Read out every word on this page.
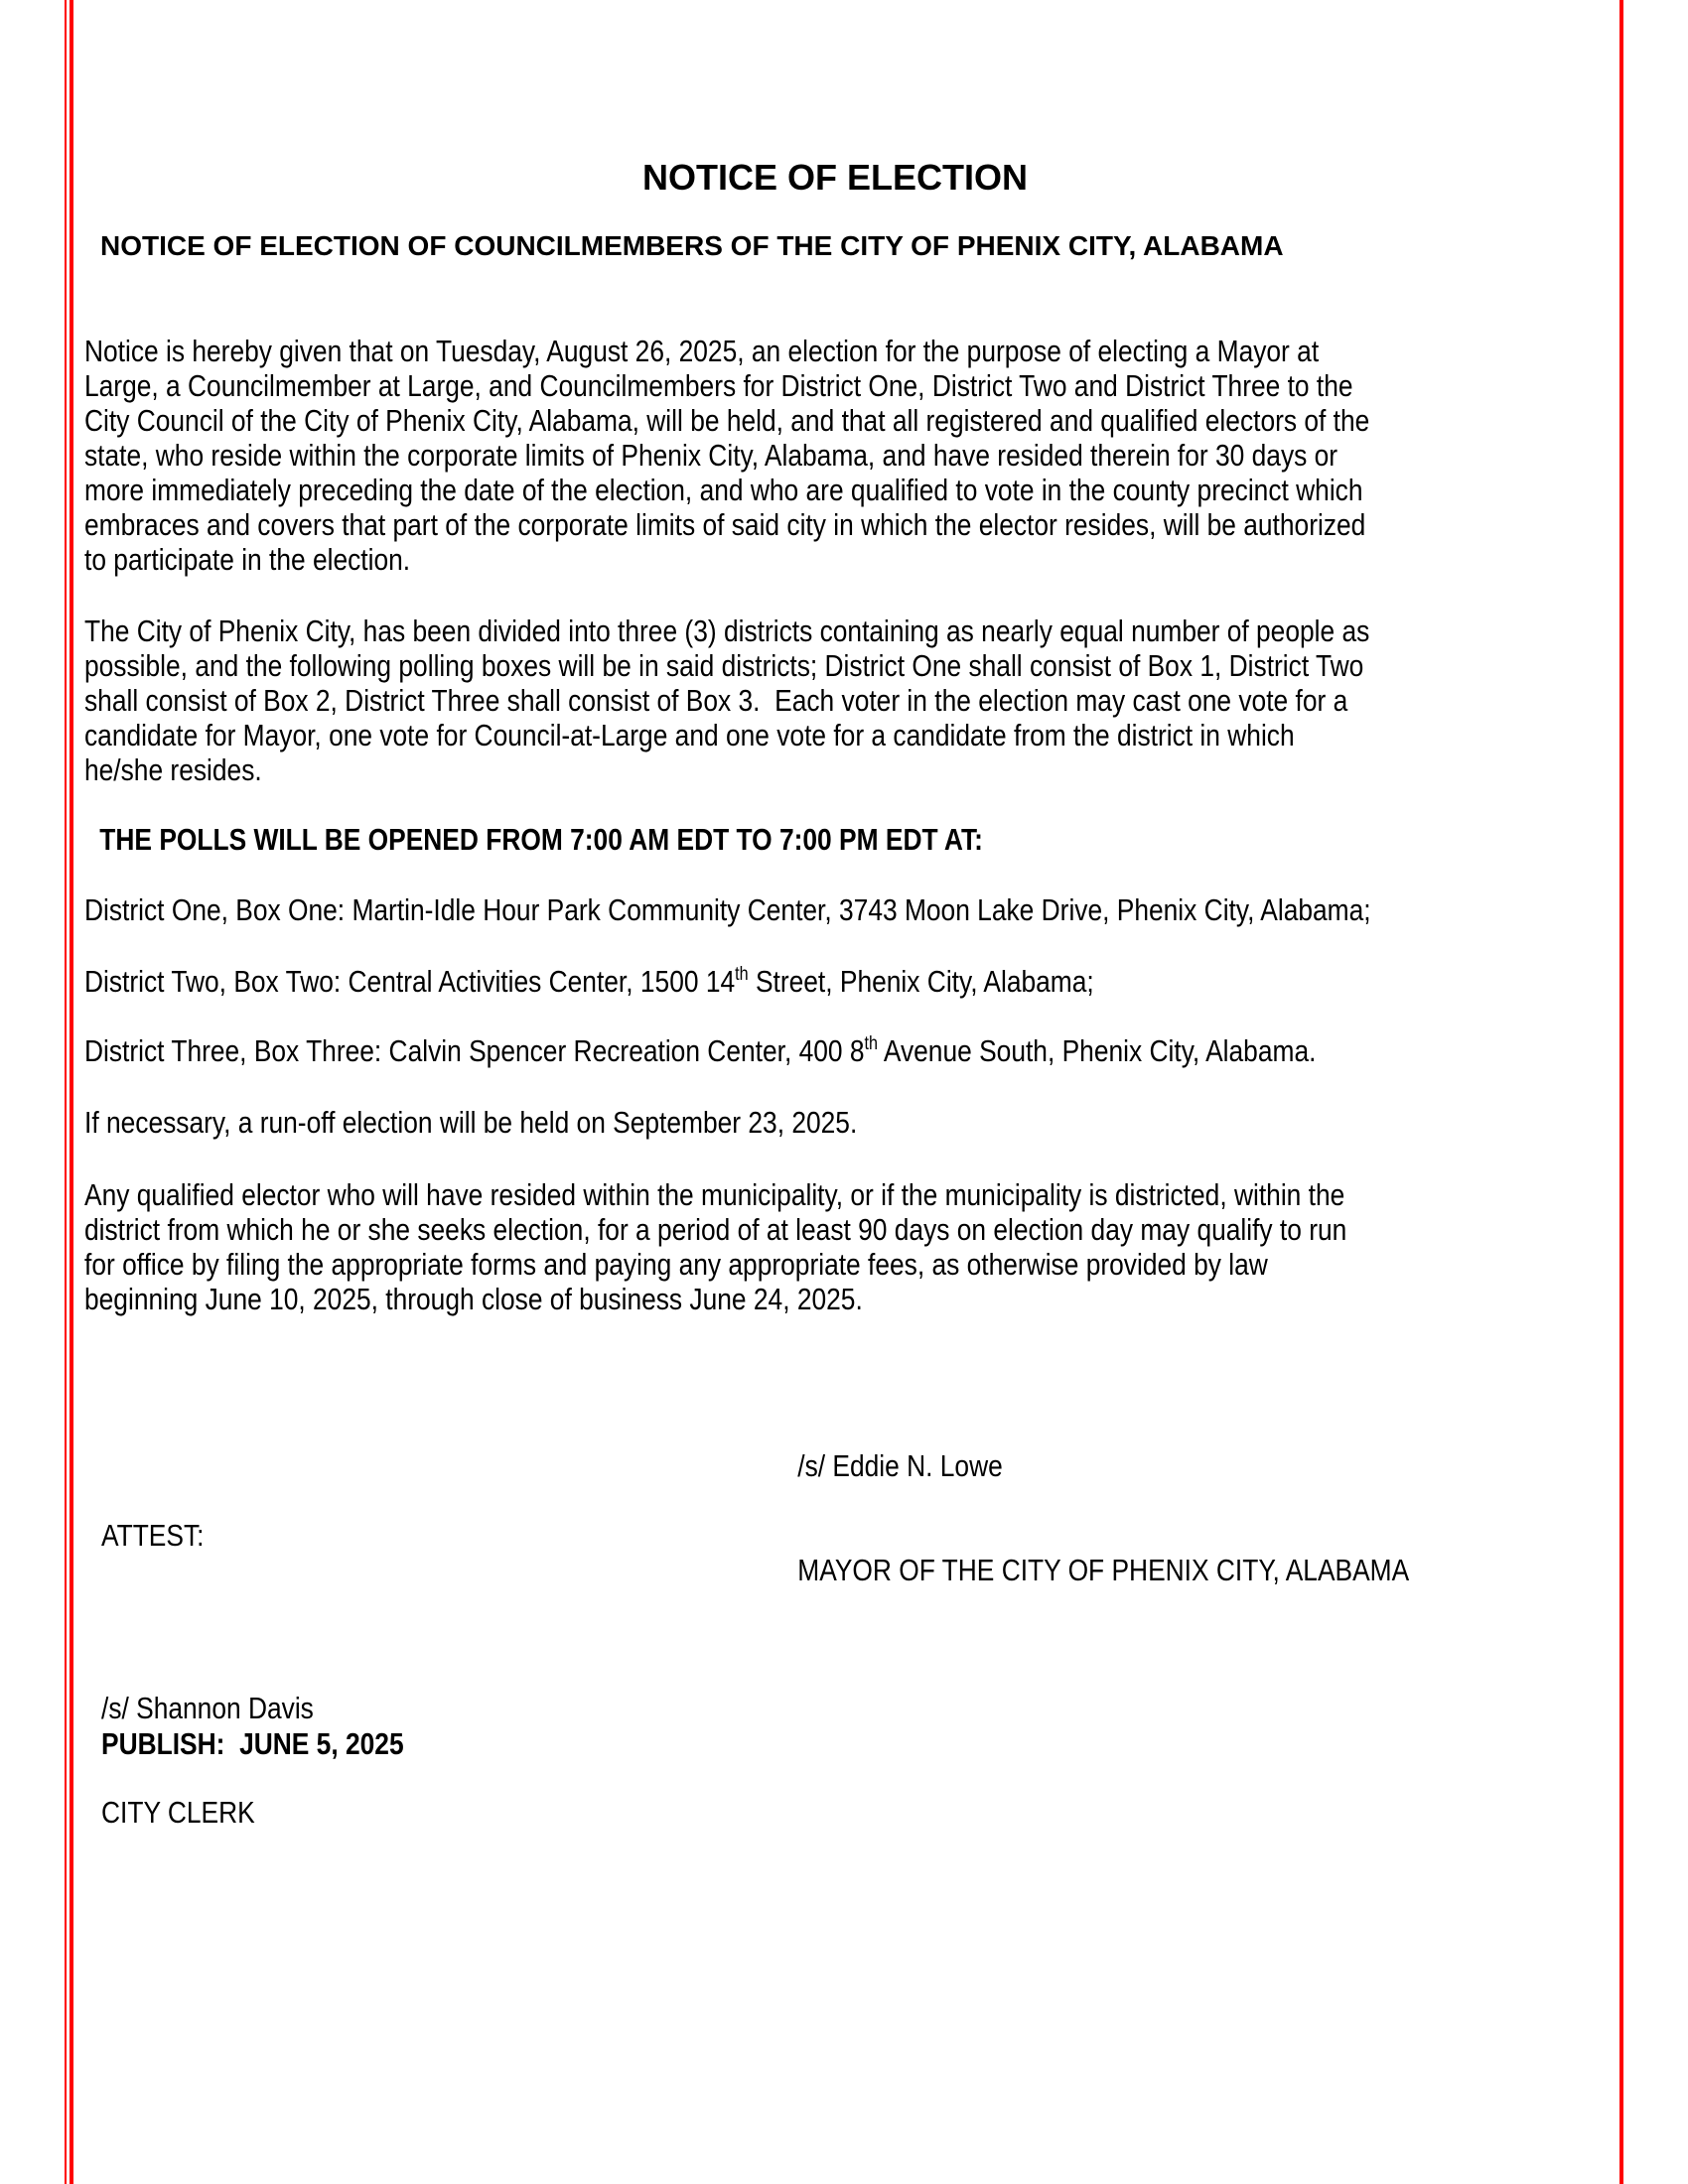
NOTICE OF ELECTION
NOTICE OF ELECTION OF COUNCILMEMBERS OF THE CITY OF PHENIX CITY, ALABAMA
Notice is hereby given that on Tuesday, August 26, 2025, an election for the purpose of electing a Mayor at
Large, a Councilmember at Large, and Councilmembers for District One, District Two and District Three to the
City Council of the City of Phenix City, Alabama, will be held, and that all registered and qualified electors of the
state, who reside within the corporate limits of Phenix City, Alabama, and have resided therein for 30 days or
more immediately preceding the date of the election, and who are qualified to vote in the county precinct which
embraces and covers that part of the corporate limits of said city in which the elector resides, will be authorized
to participate in the election.
The City of Phenix City, has been divided into three (3) districts containing as nearly equal number of people as
possible, and the following polling boxes will be in said districts; District One shall consist of Box 1, District Two
shall consist of Box 2, District Three shall consist of Box 3.  Each voter in the election may cast one vote for a
candidate for Mayor, one vote for Council-at-Large and one vote for a candidate from the district in which
he/she resides.
THE POLLS WILL BE OPENED FROM 7:00 AM EDT TO 7:00 PM EDT AT:
District One, Box One: Martin-Idle Hour Park Community Center, 3743 Moon Lake Drive, Phenix City, Alabama;
District Two, Box Two: Central Activities Center, 1500 14th Street, Phenix City, Alabama;
District Three, Box Three: Calvin Spencer Recreation Center, 400 8th Avenue South, Phenix City, Alabama.
If necessary, a run-off election will be held on September 23, 2025.
Any qualified elector who will have resided within the municipality, or if the municipality is districted, within the
district from which he or she seeks election, for a period of at least 90 days on election day may qualify to run
for office by filing the appropriate forms and paying any appropriate fees, as otherwise provided by law
beginning June 10, 2025, through close of business June 24, 2025.

/s/ Eddie N. Lowe

MAYOR OF THE CITY OF PHENIX CITY, ALABAMA

ATTEST:

/s/ Shannon Davis

CITY CLERK

PUBLISH:  JUNE 5, 2025
